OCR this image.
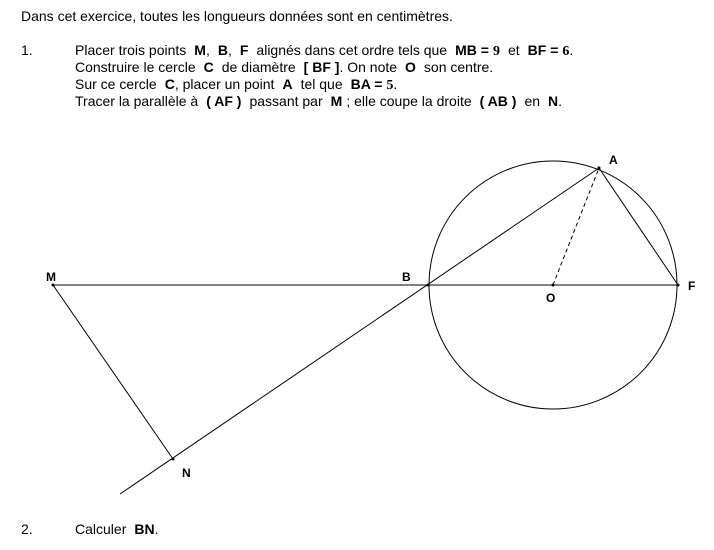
Dans cet exercice, toutes les longueurs données sont en centimètres.
1.	Placer trois points M, B, F alignés dans cet ordre tels que MB = 9 et BF = 6.
Construire le cercle C de diamètre [ BF ]. On note O son centre.
Sur ce cercle C, placer un point A tel que BA = 5.
Tracer la parallèle à ( AF ) passant par M ; elle coupe la droite ( AB ) en N.
M	B
O
F
A
N
2.	Calculer BN.
